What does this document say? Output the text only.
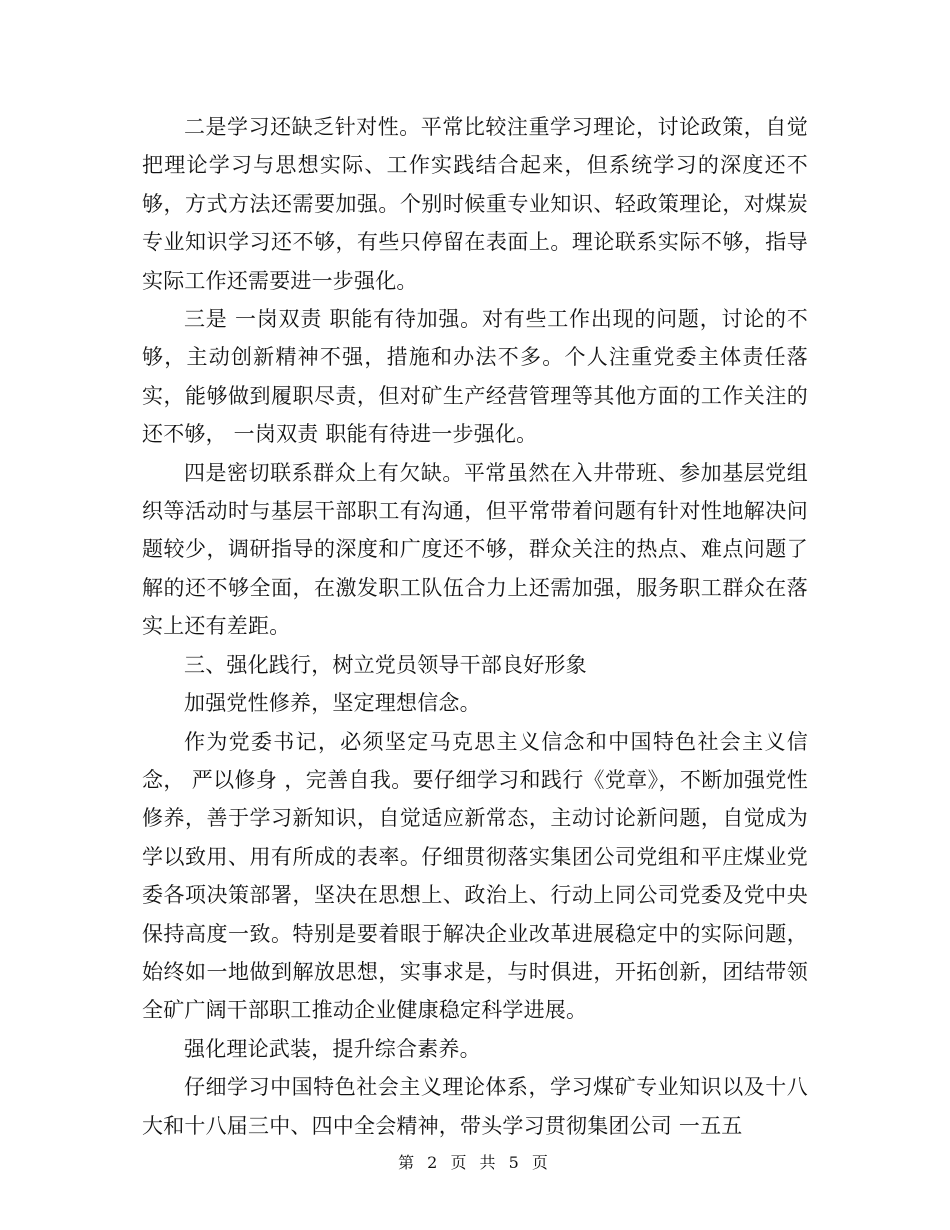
二是学习还缺乏针对性。平常比较注重学习理论，讨论政策，自觉把理论学习与思想实际、工作实践结合起来，但系统学习的深度还不够，方式方法还需要加强。个别时候重专业知识、轻政策理论，对煤炭专业知识学习还不够，有些只停留在表面上。理论联系实际不够，指导实际工作还需要进一步强化。

三是 一岗双责 职能有待加强。对有些工作出现的问题，讨论的不够，主动创新精神不强，措施和办法不多。个人注重党委主体责任落实，能够做到履职尽责，但对矿生产经营管理等其他方面的工作关注的还不够， 一岗双责 职能有待进一步强化。

四是密切联系群众上有欠缺。平常虽然在入井带班、参加基层党组织等活动时与基层干部职工有沟通，但平常带着问题有针对性地解决问题较少，调研指导的深度和广度还不够，群众关注的热点、难点问题了解的还不够全面，在激发职工队伍合力上还需加强，服务职工群众在落实上还有差距。

三、强化践行，树立党员领导干部良好形象

加强党性修养，坚定理想信念。

作为党委书记，必须坚定马克思主义信念和中国特色社会主义信念， 严以修身 ，完善自我。要仔细学习和践行《党章》，不断加强党性修养，善于学习新知识，自觉适应新常态，主动讨论新问题，自觉成为学以致用、用有所成的表率。仔细贯彻落实集团公司党组和平庄煤业党委各项决策部署，坚决在思想上、政治上、行动上同公司党委及党中央保持高度一致。特别是要着眼于解决企业改革进展稳定中的实际问题，始终如一地做到解放思想，实事求是，与时俱进，开拓创新，团结带领全矿广阔干部职工推动企业健康稳定科学进展。

强化理论武装，提升综合素养。

仔细学习中国特色社会主义理论体系，学习煤矿专业知识以及十八大和十八届三中、四中全会精神，带头学习贯彻集团公司 一五五

第 2 页 共 5 页
